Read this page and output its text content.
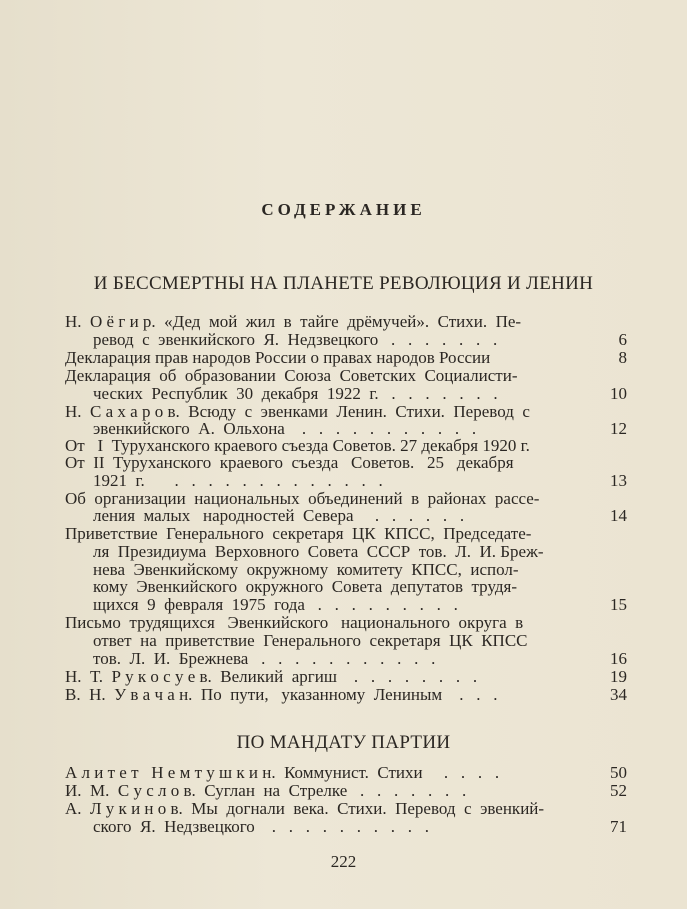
СОДЕРЖАНИЕ
И БЕССМЕРТНЫ НА ПЛАНЕТЕ РЕВОЛЮЦИЯ И ЛЕНИН
ПО МАНДАТУ ПАРТИИ
Н.  О ё г и р.  «Дед  мой  жил  в  тайге  дрёмучей».  Стихи.  Пе-
ревод  с  эвенкийского  Я.  Недзвецкого   .   .   .   .   .   .   .	6
Декларация прав народов России о правах народов России	8
Декларация  об  образовании  Союза  Советских  Социалисти-
ческих  Республик  30  декабря  1922  г.   .   .   .   .   .   .   .	10
Н.  С а х а р о в.  Всюду  с  эвенками  Ленин.  Стихи.  Перевод  с
эвенкийского  А.  Ольхона    .   .   .   .   .   .   .   .   .   .   .	12
От   I  Туруханского краевого съезда Советов. 27 декабря 1920 г.
От  II  Туруханского  краевого  съезда   Советов.   25   декабря
1921  г.       .   .   .   .   .   .   .   .   .   .   .   .   .	13
Об  организации  национальных  объединений  в  районах  рассе-
ления  малых   народностей  Севера     .   .   .   .   .   .	14
Приветствие  Генерального  секретаря  ЦК  КПСС,  Председате-
ля  Президиума  Верховного  Совета  СССР  тов.  Л.  И. Бреж-
нева  Эвенкийскому  окружному  комитету  КПСС,  испол-
кому  Эвенкийского  окружного  Совета  депутатов  трудя-
щихся  9  февраля  1975  года   .   .   .   .   .   .   .   .   .	15
Письмо  трудящихся   Эвенкийского   национального  округа  в
ответ  на  приветствие  Генерального  секретаря  ЦК  КПСС
тов.  Л.  И.  Брежнева   .   .   .   .   .   .   .   .   .   .   .	16
Н.  Т.  Р у к о с у е в.  Великий  аргиш    .   .   .   .   .   .   .   .	19
В.  Н.  У в а ч а н.  По  пути,   указанному  Лениным    .   .   .	34
А л и т е т   Н е м т у ш к и н.  Коммунист.  Стихи     .   .   .   .	50
И.  М.  С у с л о в.  Суглан  на  Стрелке   .   .   .   .   .   .   .	52
А.  Л у к и н о в.  Мы  догнали  века.  Стихи.  Перевод  с  эвенкий-
ского  Я.  Недзвецкого    .   .   .   .   .   .   .   .   .   .	71
222
